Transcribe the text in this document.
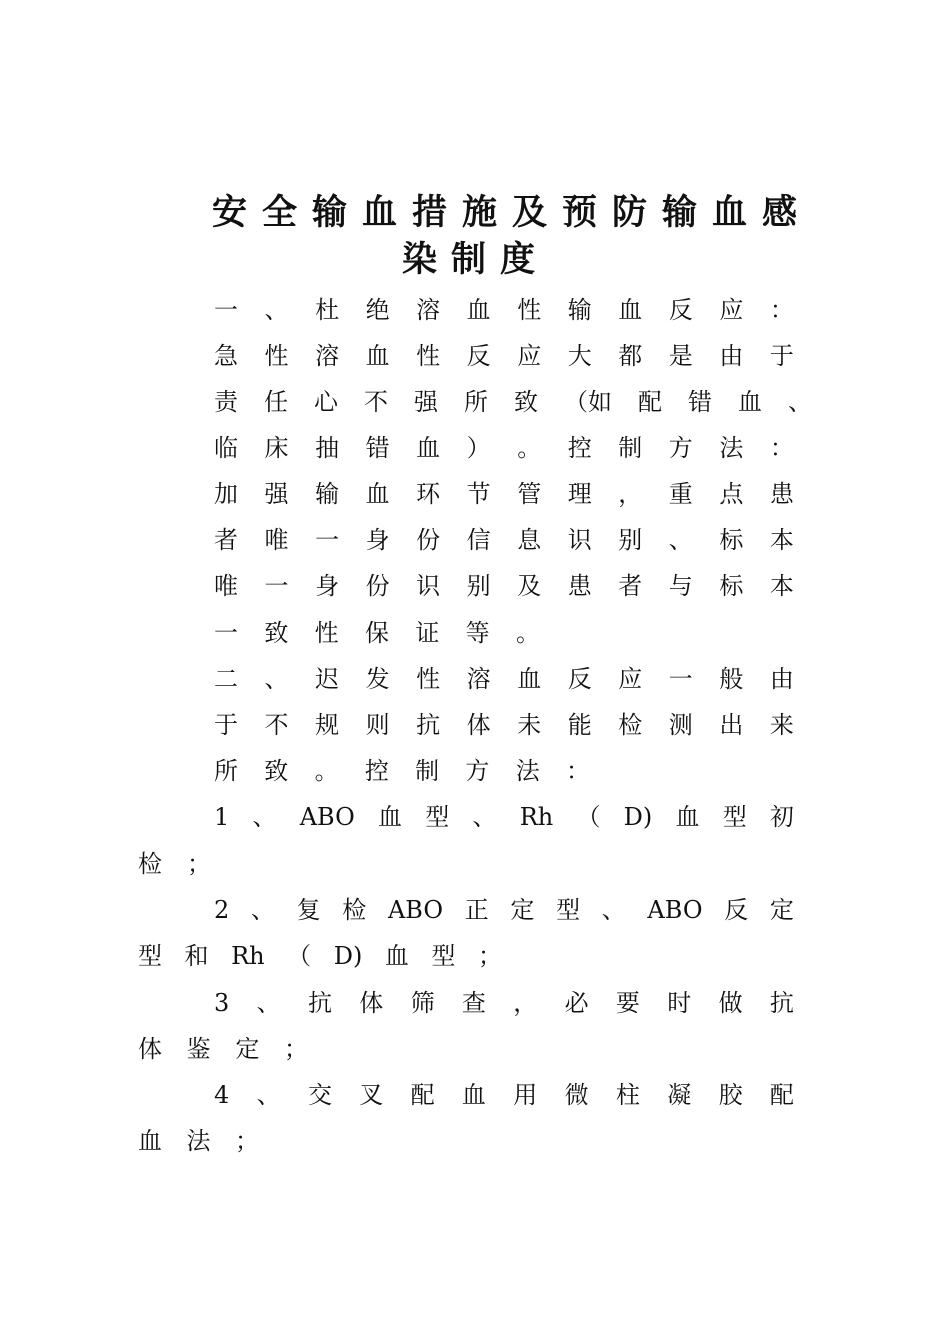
安全输血措施及预防输血感
染制度
一 、 杜 绝 溶 血 性 输 血 反 应 ：
急 性 溶 血 性 反 应 大 都 是 由 于
责 任 心 不 强 所 致 （如 配 错 血 、
临 床 抽 错 血 ） 。 控 制 方 法 ：
加 强 输 血 环 节 管 理 ， 重 点 患
者 唯 一 身 份 信 息 识 别 、 标 本
唯 一 身 份 识 别 及 患 者 与 标 本
一 致 性 保 证 等 。
二 、 迟 发 性 溶 血 反 应 一 般 由
于 不 规 则 抗 体 未 能 检 测 出 来
所 致 。 控 制 方 法 ：
1 、 ABO 血 型 、 Rh （ D) 血 型 初
检 ；
2 、 复 检 ABO 正 定 型 、 ABO 反 定
型 和 Rh （ D) 血 型 ；
3 、 抗 体 筛 查 ， 必 要 时 做 抗
体 鉴 定 ；
4 、 交 叉 配 血 用 微 柱 凝 胶 配
血 法 ；
